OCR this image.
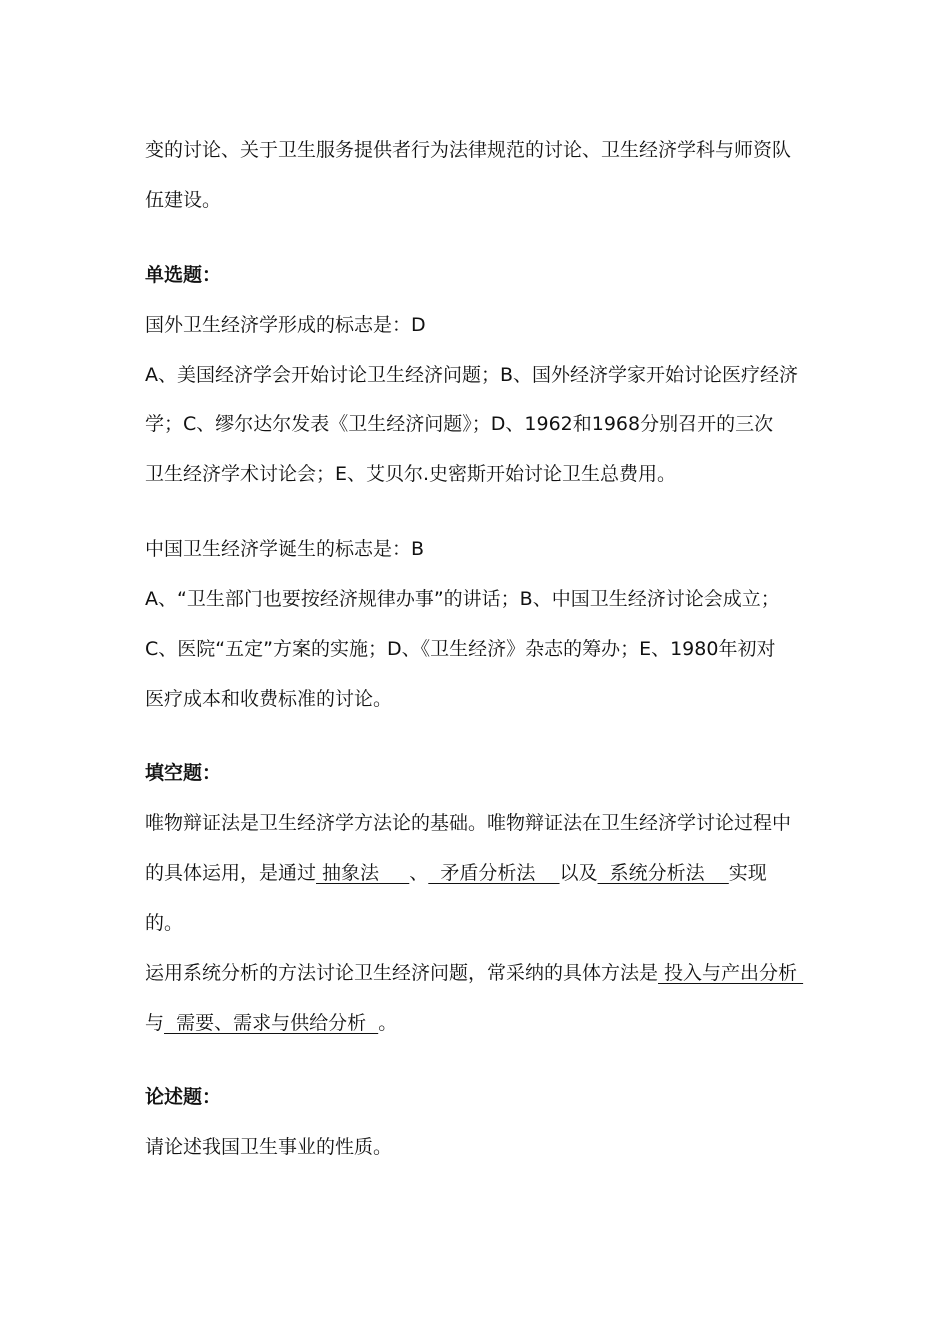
变的讨论、关于卫生服务提供者行为法律规范的讨论、卫生经济学科与师资队
伍建设。
单选题：
国外卫生经济学形成的标志是：D
A、美国经济学会开始讨论卫生经济问题；B、国外经济学家开始讨论医疗经济
学；C、缪尔达尔发表《卫生经济问题》；D、1962和1968分别召开的三次
卫生经济学术讨论会；E、艾贝尔.史密斯开始讨论卫生总费用。
中国卫生经济学诞生的标志是：B
A、“卫生部门也要按经济规律办事”的讲话；B、中国卫生经济讨论会成立；
C、医院“五定”方案的实施；D、《卫生经济》杂志的筹办；E、1980年初对
医疗成本和收费标准的讨论。
填空题：
唯物辩证法是卫生经济学方法论的基础。唯物辩证法在卫生经济学讨论过程中
的具体运用，是通过 抽象法     、  矛盾分析法    以及  系统分析法    实现
的。
运用系统分析的方法讨论卫生经济问题，常采纳的具体方法是 投入与产出分析
与  需要、需求与供给分析  。
论述题：
请论述我国卫生事业的性质。
